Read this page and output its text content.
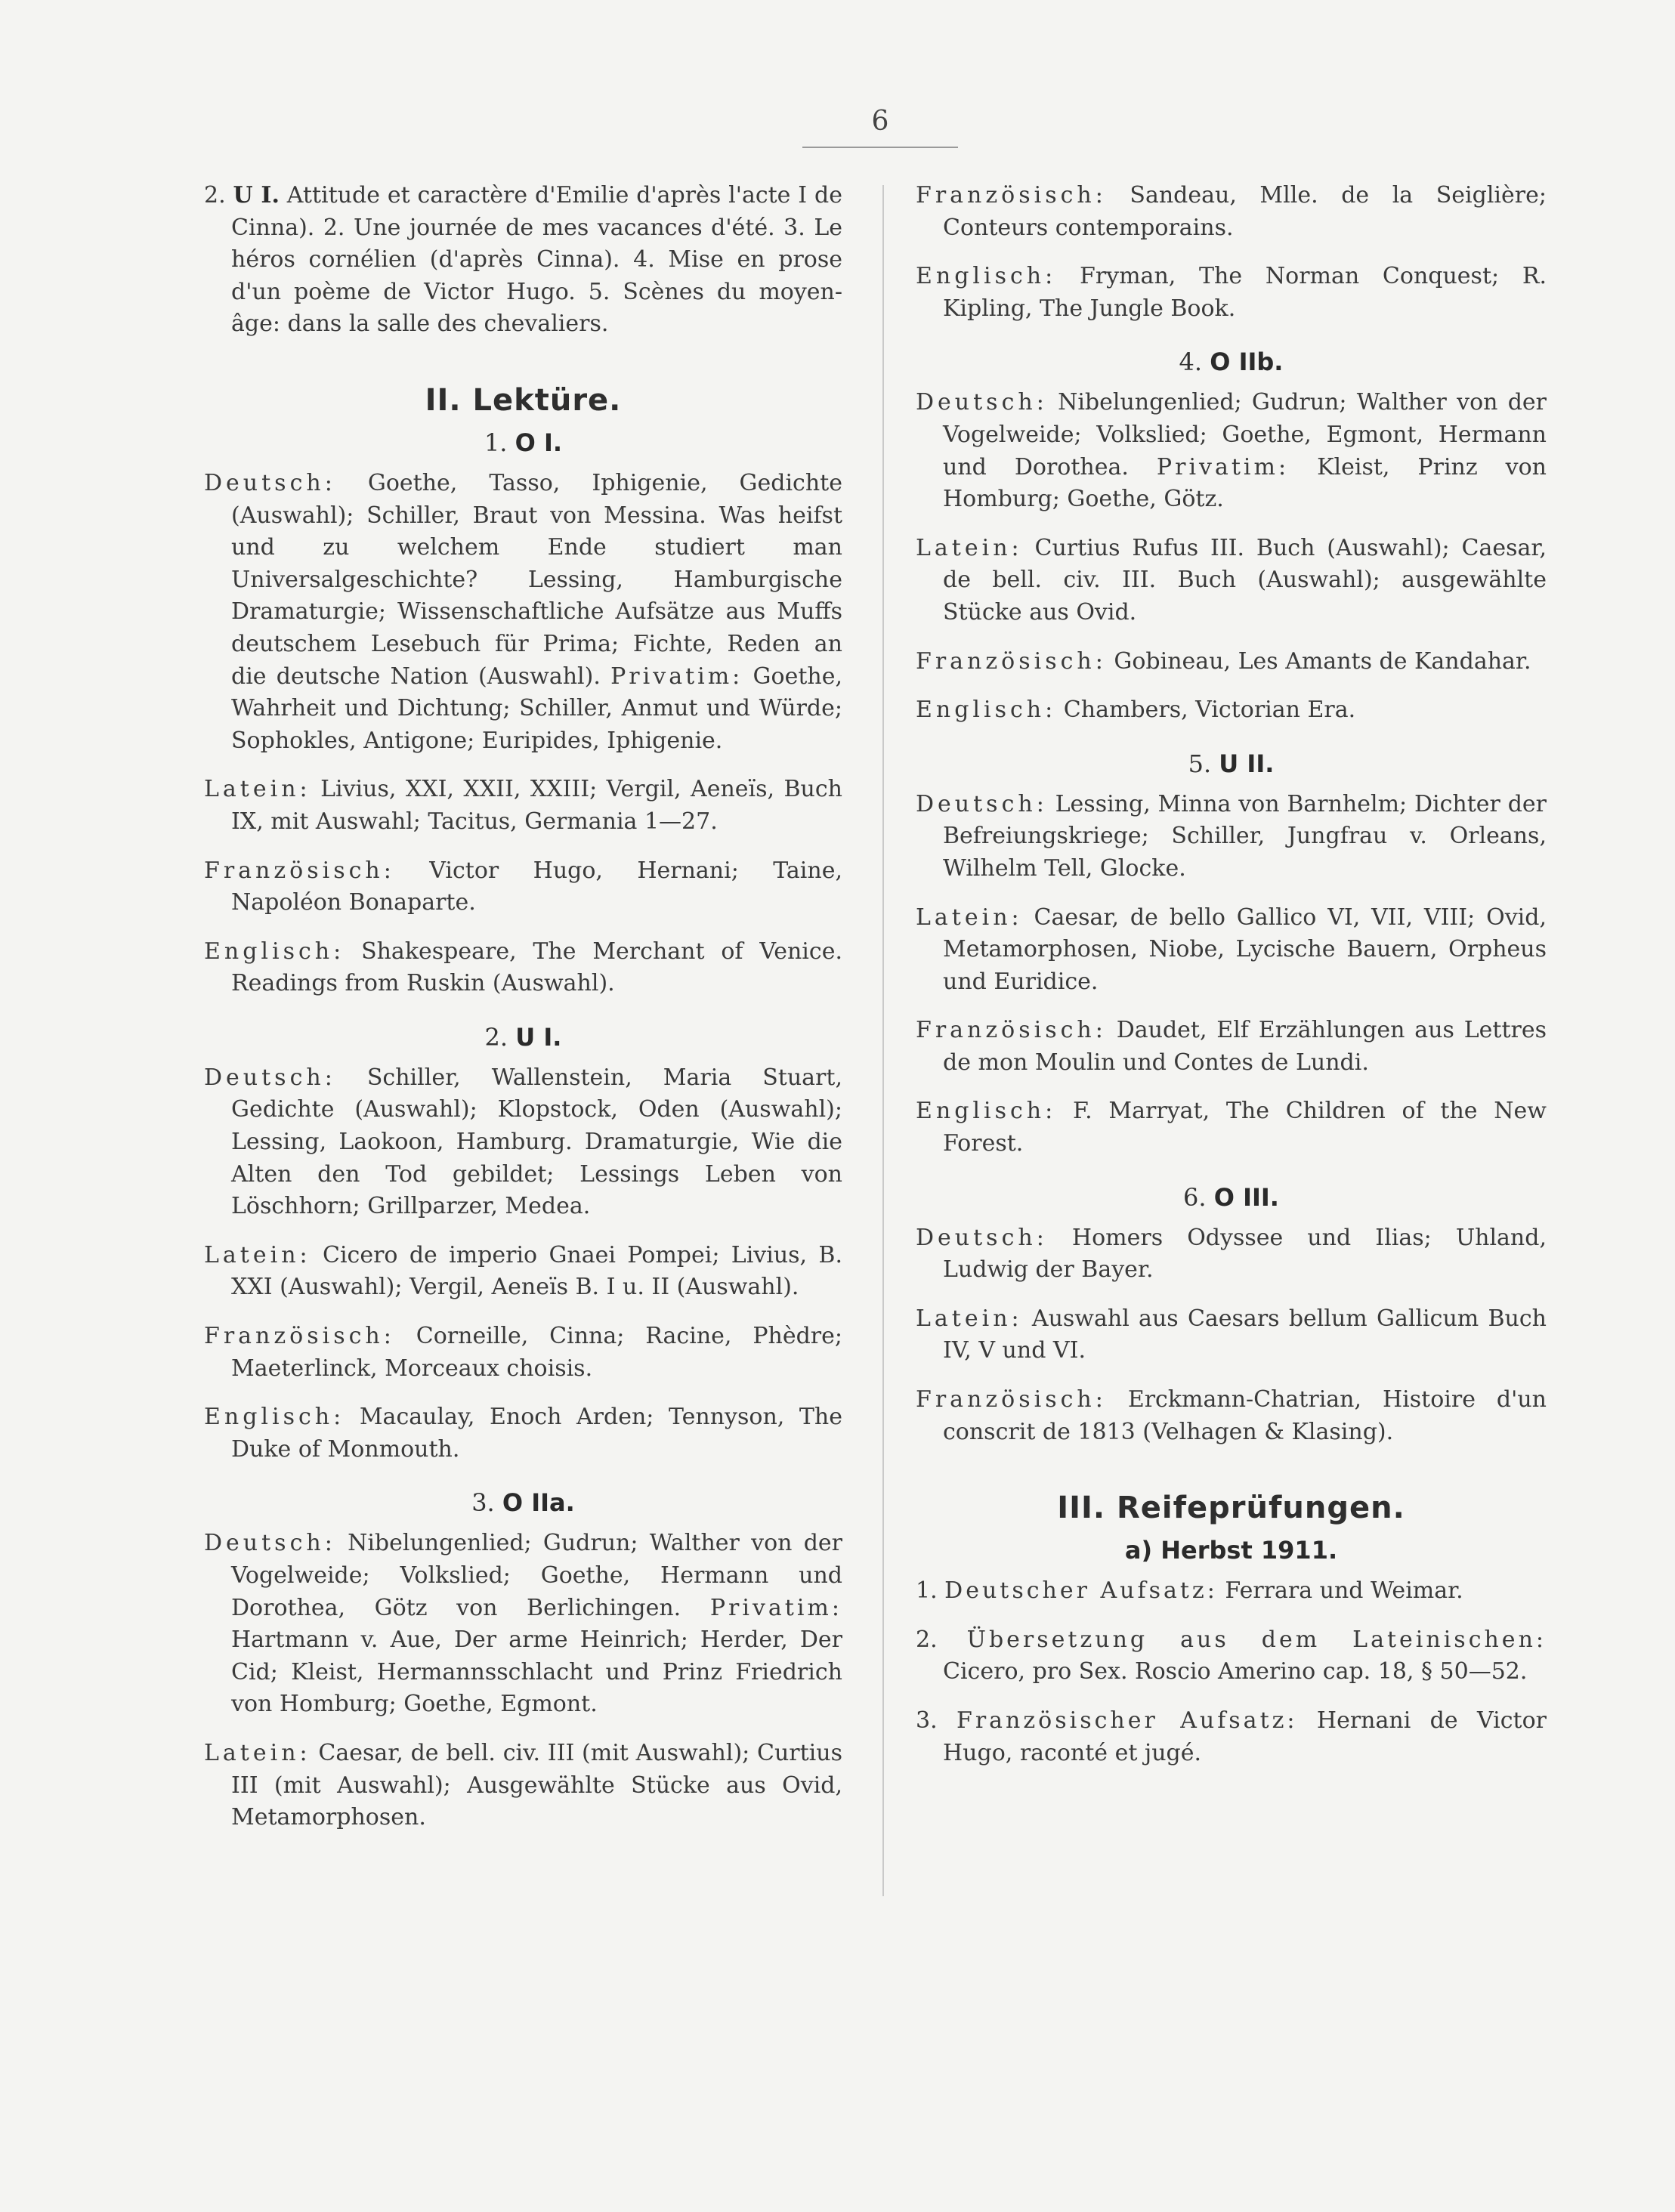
6

2. U I. Attitude et caractère d'Emilie d'après l'acte I de Cinna). 2. Une journée de mes vacances d'été. 3. Le héros cornélien (d'après Cinna). 4. Mise en prose d'un poème de Victor Hugo. 5. Scènes du moyen-âge: dans la salle des chevaliers.

II. Lektüre.
1. O I.

Deutsch: Goethe, Tasso, Iphigenie, Gedichte (Auswahl); Schiller, Braut von Messina. Was heifst und zu welchem Ende studiert man Universalgeschichte? Lessing, Hamburgische Dramaturgie; Wissenschaftliche Aufsätze aus Muffs deutschem Lesebuch für Prima; Fichte, Reden an die deutsche Nation (Auswahl). Privatim: Goethe, Wahrheit und Dichtung; Schiller, Anmut und Würde; Sophokles, Antigone; Euripides, Iphigenie.

Latein: Livius, XXI, XXII, XXIII; Vergil, Aeneïs, Buch IX, mit Auswahl; Tacitus, Germania 1—27.

Französisch: Victor Hugo, Hernani; Taine, Napoléon Bonaparte.

Englisch: Shakespeare, The Merchant of Venice. Readings from Ruskin (Auswahl).

2. U I.

Deutsch: Schiller, Wallenstein, Maria Stuart, Gedichte (Auswahl); Klopstock, Oden (Auswahl); Lessing, Laokoon, Hamburg. Dramaturgie, Wie die Alten den Tod gebildet; Lessings Leben von Löschhorn; Grillparzer, Medea.

Latein: Cicero de imperio Gnaei Pompei; Livius, B. XXI (Auswahl); Vergil, Aeneïs B. I u. II (Auswahl).

Französisch: Corneille, Cinna; Racine, Phèdre; Maeterlinck, Morceaux choisis.

Englisch: Macaulay, Enoch Arden; Tennyson, The Duke of Monmouth.

3. O IIa.

Deutsch: Nibelungenlied; Gudrun; Walther von der Vogelweide; Volkslied; Goethe, Hermann und Dorothea, Götz von Berlichingen. Privatim: Hartmann v. Aue, Der arme Heinrich; Herder, Der Cid; Kleist, Hermannsschlacht und Prinz Friedrich von Homburg; Goethe, Egmont.

Latein: Caesar, de bell. civ. III (mit Auswahl); Curtius III (mit Auswahl); Ausgewählte Stücke aus Ovid, Metamorphosen.

Französisch: Sandeau, Mlle. de la Seiglière; Conteurs contemporains.

Englisch: Fryman, The Norman Conquest; R. Kipling, The Jungle Book.

4. O IIb.

Deutsch: Nibelungenlied; Gudrun; Walther von der Vogelweide; Volkslied; Goethe, Egmont, Hermann und Dorothea. Privatim: Kleist, Prinz von Homburg; Goethe, Götz.

Latein: Curtius Rufus III. Buch (Auswahl); Caesar, de bell. civ. III. Buch (Auswahl); ausgewählte Stücke aus Ovid.

Französisch: Gobineau, Les Amants de Kandahar.

Englisch: Chambers, Victorian Era.

5. U II.

Deutsch: Lessing, Minna von Barnhelm; Dichter der Befreiungskriege; Schiller, Jungfrau v. Orleans, Wilhelm Tell, Glocke.

Latein: Caesar, de bello Gallico VI, VII, VIII; Ovid, Metamorphosen, Niobe, Lycische Bauern, Orpheus und Euridice.

Französisch: Daudet, Elf Erzählungen aus Lettres de mon Moulin und Contes de Lundi.

Englisch: F. Marryat, The Children of the New Forest.

6. O III.

Deutsch: Homers Odyssee und Ilias; Uhland, Ludwig der Bayer.

Latein: Auswahl aus Caesars bellum Gallicum Buch IV, V und VI.

Französisch: Erckmann-Chatrian, Histoire d'un conscrit de 1813 (Velhagen & Klasing).

III. Reifeprüfungen.
a) Herbst 1911.

1. Deutscher Aufsatz: Ferrara und Weimar.

2. Übersetzung aus dem Lateinischen: Cicero, pro Sex. Roscio Amerino cap. 18, § 50—52.

3. Französischer Aufsatz: Hernani de Victor Hugo, raconté et jugé.
